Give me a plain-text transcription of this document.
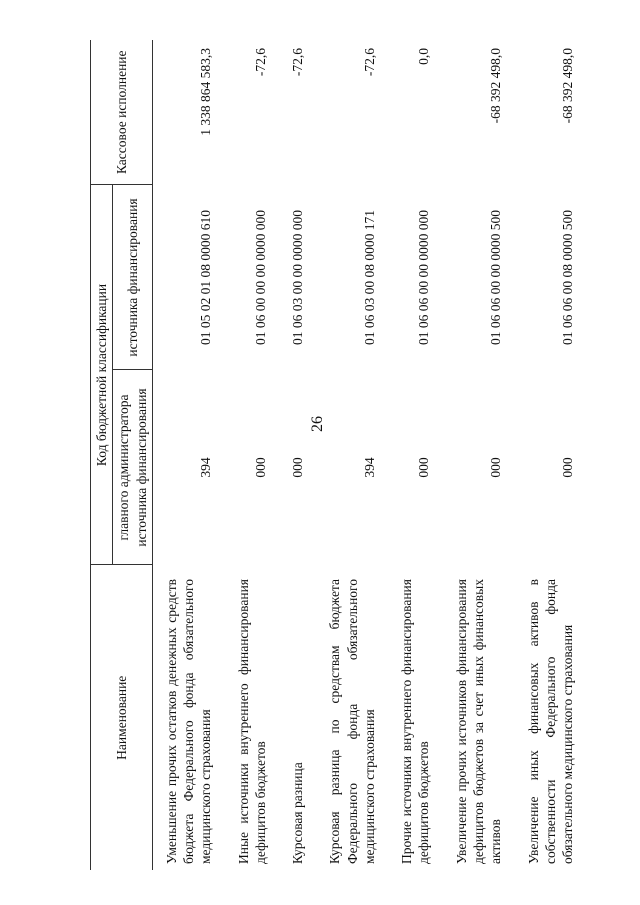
26
Наименование	Код бюджетной классификации		Кассовое исполнение
	главного администратора источника финансирования	источника финансирования	
Уменьшение прочих остатков денежных средств бюджета Федерального фонда обязательного медицинского страхования	394	01 05 02 01 08 0000 610	1 338 864 583,3
Иные источники внутреннего финансирования дефицитов бюджетов	000	01 06 00 00 00 0000 000	-72,6
Курсовая разница	000	01 06 03 00 00 0000 000	-72,6
Курсовая разница по средствам бюджета Федерального фонда обязательного медицинского страхования	394	01 06 03 00 08 0000 171	-72,6
Прочие источники внутреннего финансирования дефицитов бюджетов	000	01 06 06 00 00 0000 000	0,0
Увеличение прочих источников финансирования дефицитов бюджетов за счет иных финансовых активов	000	01 06 06 00 00 0000 500	-68 392 498,0
Увеличение иных финансовых активов в собственности Федерального фонда обязательного медицинского страхования	000	01 06 06 00 08 0000 500	-68 392 498,0
